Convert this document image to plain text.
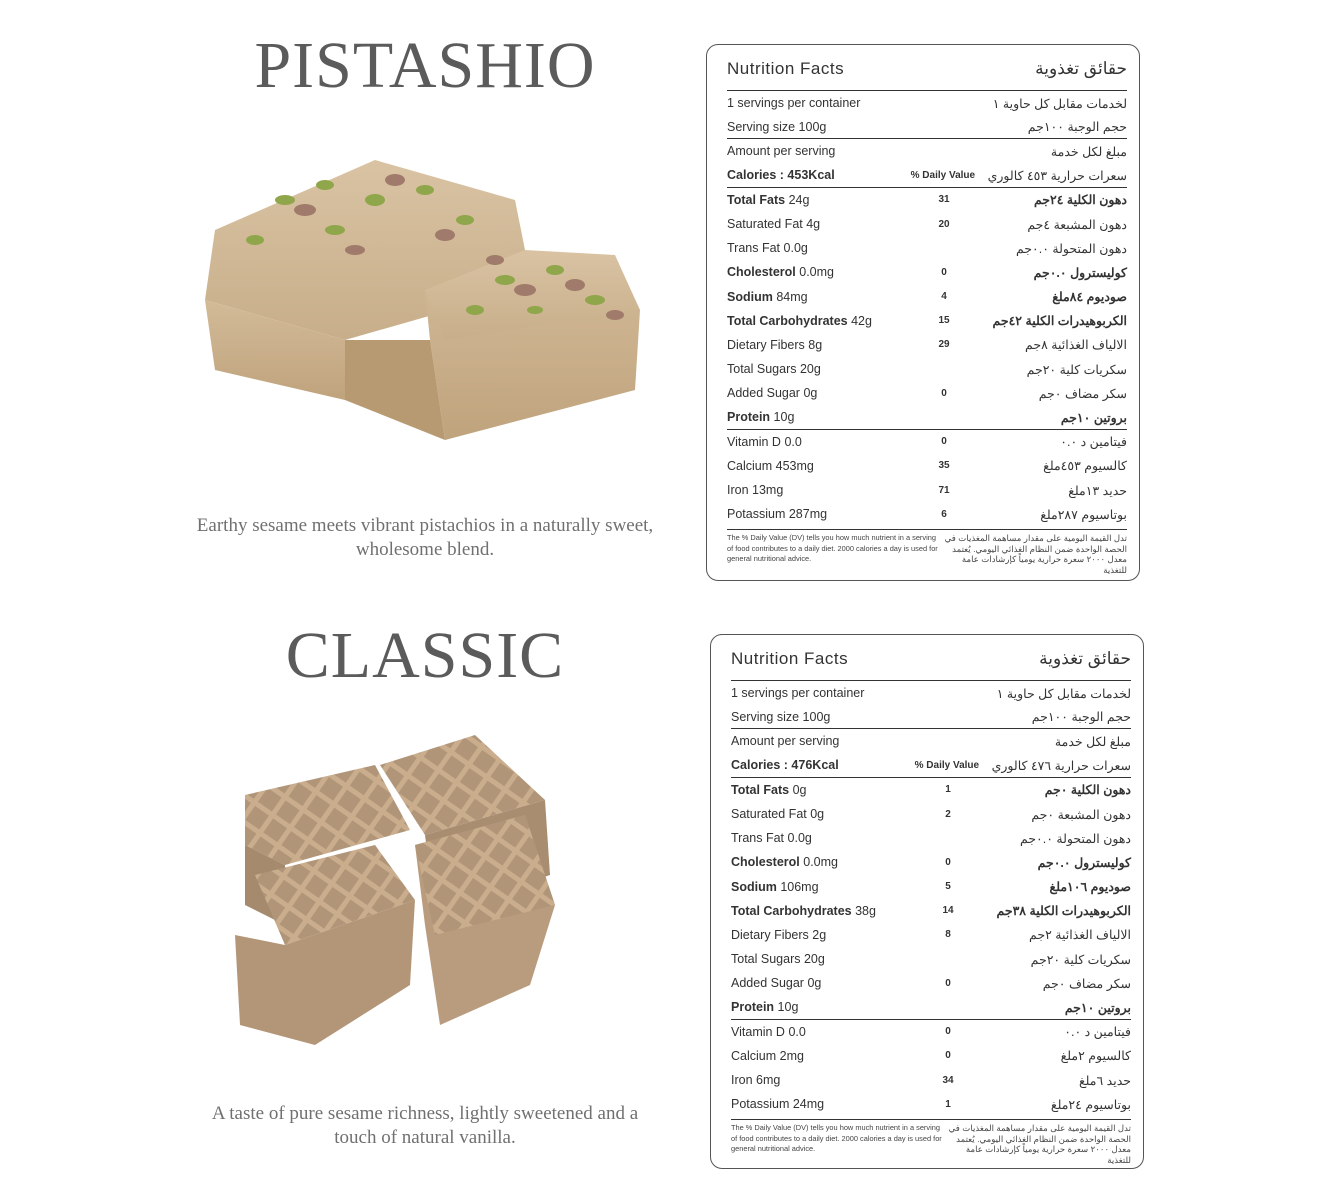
PISTASHIO

Earthy sesame meets vibrant pistachios in a naturally sweet, wholesome blend.

Nutrition Facts	حقائق تغذوية
1 servings per container	لخدمات مقابل كل حاوية ١
Serving size 100g	حجم الوجبة ١٠٠جم
Amount per serving	مبلغ لكل خدمة
Calories : 453Kcal	% Daily Value	سعرات حرارية ٤٥٣ كالوري
Total Fats 24g	31	دهون الكلية ٢٤جم
Saturated Fat 4g	20	دهون المشبعة ٤جم
Trans Fat 0.0g	دهون المتحولة ٠.٠جم
Cholesterol 0.0mg	0	كوليسترول ٠.٠جم
Sodium 84mg	4	صوديوم ٨٤ملغ
Total Carbohydrates 42g	15	الكربوهيدرات الكلية ٤٢جم
Dietary Fibers 8g	29	الالياف الغذائية ٨جم
Total Sugars 20g	سكريات كلية ٢٠جم
Added Sugar 0g	0	سكر مضاف ٠جم
Protein 10g	بروتين ١٠جم
Vitamin D 0.0	0	فيتامين د ٠.٠
Calcium 453mg	35	كالسيوم ٤٥٣ملغ
Iron 13mg	71	حديد ١٣ملغ
Potassium 287mg	6	بوتاسيوم ٢٨٧ملغ
The % Daily Value (DV) tells you how much nutrient in a serving of food contributes to a daily diet. 2000 calories a day is used for general nutritional advice.
تدل القيمة اليومية على مقدار مساهمة المغذيات في الحصة الواحدة ضمن النظام الغذائي اليومي. يُعتمد معدل ٢٠٠٠ سعرة حرارية يومياً كإرشادات عامة للتغذية
CLASSIC

A taste of pure sesame richness, lightly sweetened and a touch of natural vanilla.

Nutrition Facts	حقائق تغذوية
1 servings per container	لخدمات مقابل كل حاوية ١
Serving size 100g	حجم الوجبة ١٠٠جم
Amount per serving	مبلغ لكل خدمة
Calories : 476Kcal	% Daily Value	سعرات حرارية ٤٧٦ كالوري
Total Fats 0g	1	دهون الكلية ٠جم
Saturated Fat 0g	2	دهون المشبعة ٠جم
Trans Fat 0.0g	دهون المتحولة ٠.٠جم
Cholesterol 0.0mg	0	كوليسترول ٠.٠جم
Sodium 106mg	5	صوديوم ١٠٦ملغ
Total Carbohydrates 38g	14	الكربوهيدرات الكلية ٣٨جم
Dietary Fibers 2g	8	الالياف الغذائية ٢جم
Total Sugars 20g	سكريات كلية ٢٠جم
Added Sugar 0g	0	سكر مضاف ٠جم
Protein 10g	بروتين ١٠جم
Vitamin D 0.0	0	فيتامين د ٠.٠
Calcium 2mg	0	كالسيوم ٢ملغ
Iron 6mg	34	حديد ٦ملغ
Potassium 24mg	1	بوتاسيوم ٢٤ملغ
The % Daily Value (DV) tells you how much nutrient in a serving of food contributes to a daily diet. 2000 calories a day is used for general nutritional advice.
تدل القيمة اليومية على مقدار مساهمة المغذيات في الحصة الواحدة ضمن النظام الغذائي اليومي. يُعتمد معدل ٢٠٠٠ سعرة حرارية يومياً كإرشادات عامة للتغذية
